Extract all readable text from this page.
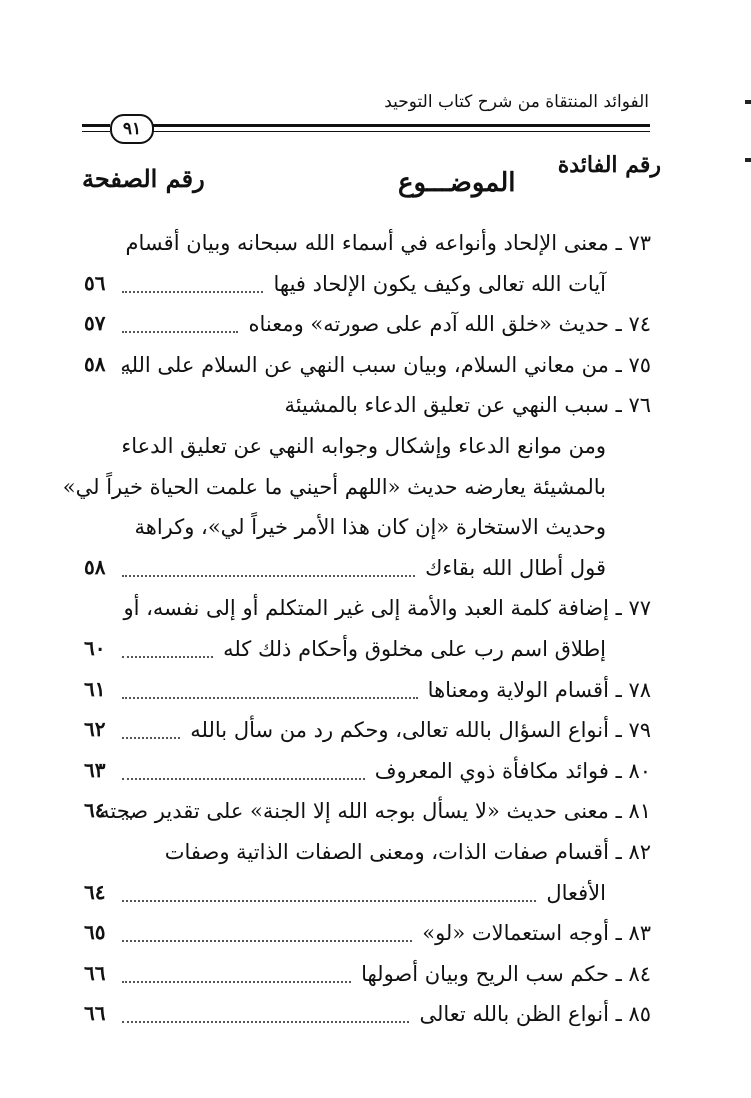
الفوائد المنتقاة من شرح كتاب التوحيد
٩١
رقم الفائدة
الموضـــوع
رقم الصفحة
٧٣ ـ معنى الإلحاد وأنواعه في أسماء الله سبحانه وبيان أقسام
آيات الله تعالى وكيف يكون الإلحاد فيها
٥٦
٧٤ ـ حديث «خلق الله آدم على صورته» ومعناه
٥٧
٧٥ ـ من معاني السلام، وبيان سبب النهي عن السلام على الله
٥٨
٧٦ ـ سبب النهي عن تعليق الدعاء بالمشيئة
ومن موانع الدعاء وإشكال وجوابه النهي عن تعليق الدعاء
بالمشيئة يعارضه حديث «اللهم أحيني ما علمت الحياة خيراً لي»
وحديث الاستخارة «إن كان هذا الأمر خيراً لي»، وكراهة
قول أطال الله بقاءك
٥٨
٧٧ ـ إضافة كلمة العبد والأمة إلى غير المتكلم أو إلى نفسه، أو
إطلاق اسم رب على مخلوق وأحكام ذلك كله
٦٠
٧٨ ـ أقسام الولاية ومعناها
٦١
٧٩ ـ أنواع السؤال بالله تعالى، وحكم رد من سأل بالله
٦٢
٨٠ ـ فوائد مكافأة ذوي المعروف
٦٣
٨١ ـ معنى حديث «لا يسأل بوجه الله إلا الجنة» على تقدير صحته
٦٤
٨٢ ـ أقسام صفات الذات، ومعنى الصفات الذاتية وصفات
الأفعال
٦٤
٨٣ ـ أوجه استعمالات «لو»
٦٥
٨٤ ـ حكم سب الريح وبيان أصولها
٦٦
٨٥ ـ أنواع الظن بالله تعالى
٦٦
